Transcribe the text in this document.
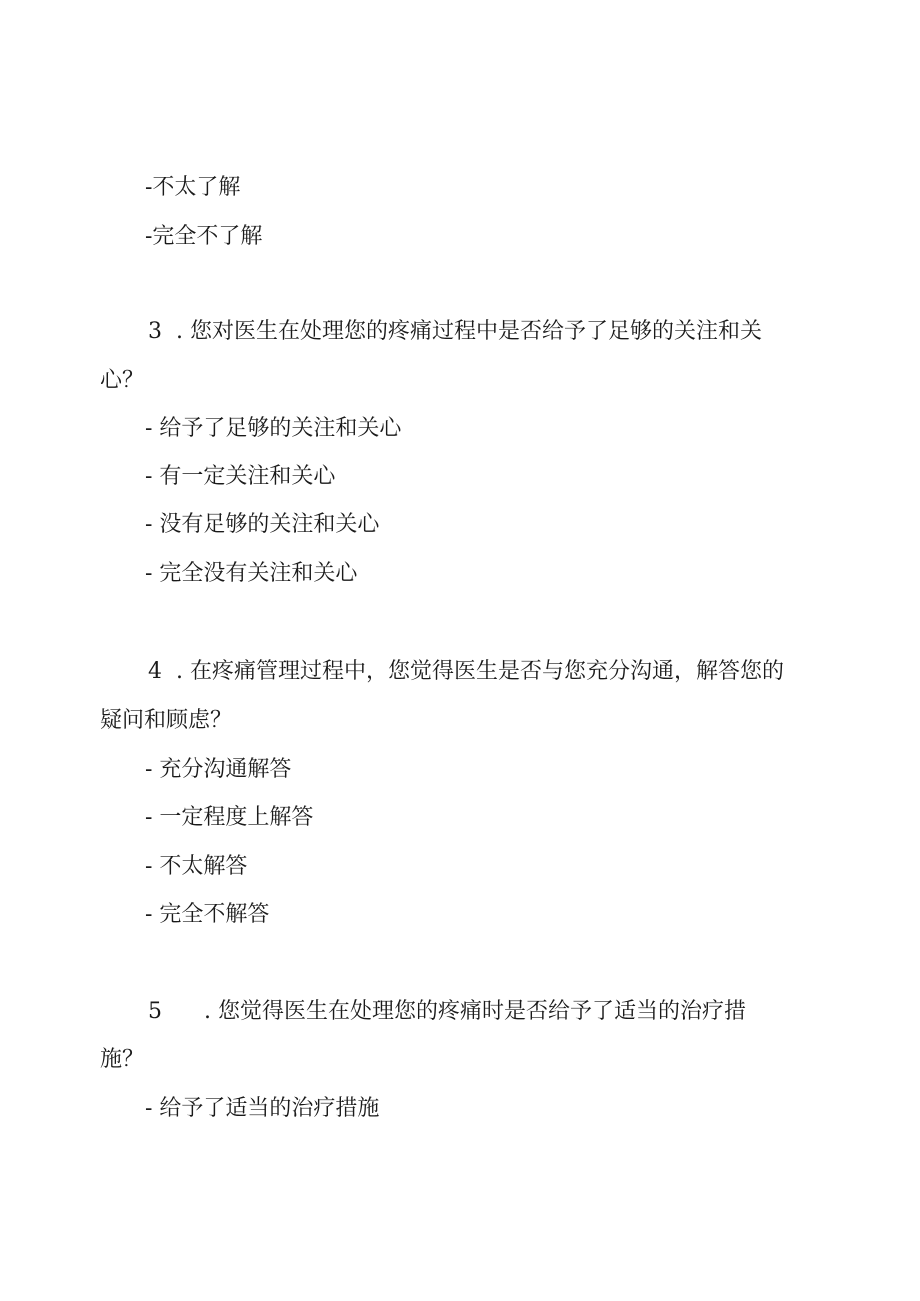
-不太了解
-完全不了解
3 . 您对医生在处理您的疼痛过程中是否给予了足够的关注和关
心？
- 给予了足够的关注和关心
- 有一定关注和关心
- 没有足够的关注和关心
- 完全没有关注和关心
4 . 在疼痛管理过程中，您觉得医生是否与您充分沟通，解答您的
疑问和顾虑？
- 充分沟通解答
- 一定程度上解答
- 不太解答
- 完全不解答
5 . 您觉得医生在处理您的疼痛时是否给予了适当的治疗措
施？
- 给予了适当的治疗措施
